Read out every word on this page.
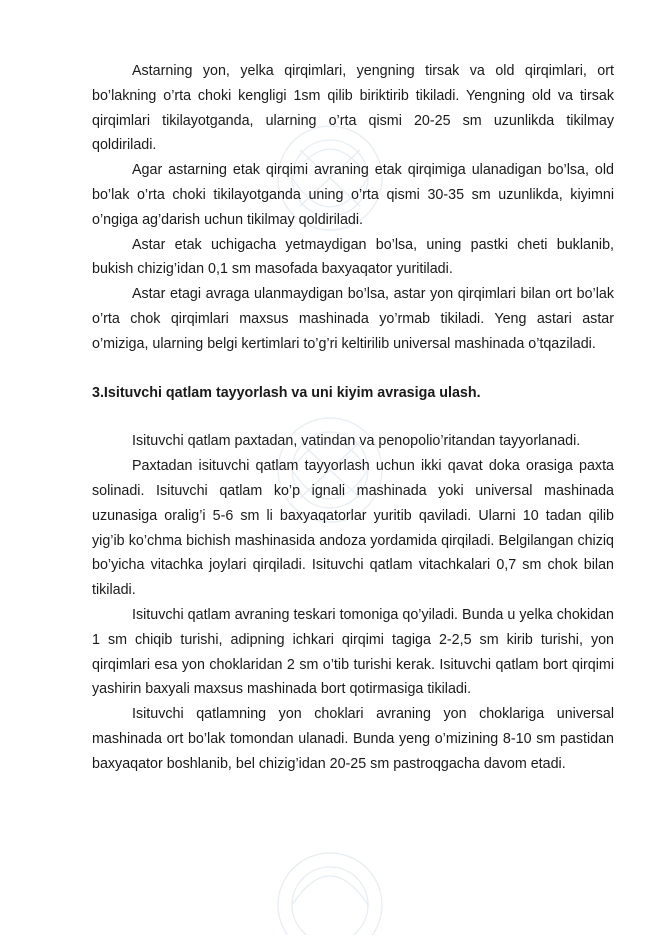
Astarning yon, yelka qirqimlari, yengning tirsak va old qirqimlari, ort bo’lakning o’rta choki kengligi 1sm qilib biriktirib tikiladi. Yengning old va tirsak qirqimlari tikilayotganda, ularning o’rta qismi 20-25 sm uzunlikda tikilmay qoldiriladi.

Agar astarning etak qirqimi avraning etak qirqimiga ulanadigan bo’lsa, old bo’lak o’rta choki tikilayotganda uning o’rta qismi 30-35 sm uzunlikda, kiyimni o’ngiga ag’darish uchun tikilmay qoldiriladi.

Astar etak uchigacha yetmaydigan bo’lsa, uning pastki cheti buklanib, bukish chizig’idan 0,1 sm masofada baxyaqator yuritiladi.

Astar etagi avraga ulanmaydigan bo’lsa, astar yon qirqimlari bilan ort bo’lak o’rta chok qirqimlari maxsus mashinada yo’rmab tikiladi. Yeng astari astar o’miziga, ularning belgi kertimlari to’g’ri keltirilib universal mashinada o’tqaziladi.

3.Isituvchi qatlam tayyorlash va uni kiyim avrasiga ulash.

Isituvchi qatlam paxtadan, vatindan va penopolio’ritandan tayyorlanadi.

Paxtadan isituvchi qatlam tayyorlash uchun ikki qavat doka orasiga paxta solinadi. Isituvchi qatlam ko’p ignali mashinada yoki universal mashinada uzunasiga oralig’i 5-6 sm li baxyaqatorlar yuritib qaviladi. Ularni 10 tadan qilib yig’ib ko’chma bichish mashinasida andoza yordamida qirqiladi. Belgilangan chiziq bo’yicha vitachka joylari qirqiladi. Isituvchi qatlam vitachkalari 0,7 sm chok bilan tikiladi.

Isituvchi qatlam avraning teskari tomoniga qo’yiladi. Bunda u yelka chokidan 1 sm chiqib turishi, adipning ichkari qirqimi tagiga 2-2,5 sm kirib turishi, yon qirqimlari esa yon choklaridan 2 sm o’tib turishi kerak. Isituvchi qatlam bort qirqimi yashirin baxyali maxsus mashinada bort qotirmasiga tikiladi.

Isituvchi qatlamning yon choklari avraning yon choklariga universal mashinada ort bo’lak tomondan ulanadi. Bunda yeng o’mizining 8-10 sm pastidan baxyaqator boshlanib, bel chizig’idan 20-25 sm pastroqgacha davom etadi.
